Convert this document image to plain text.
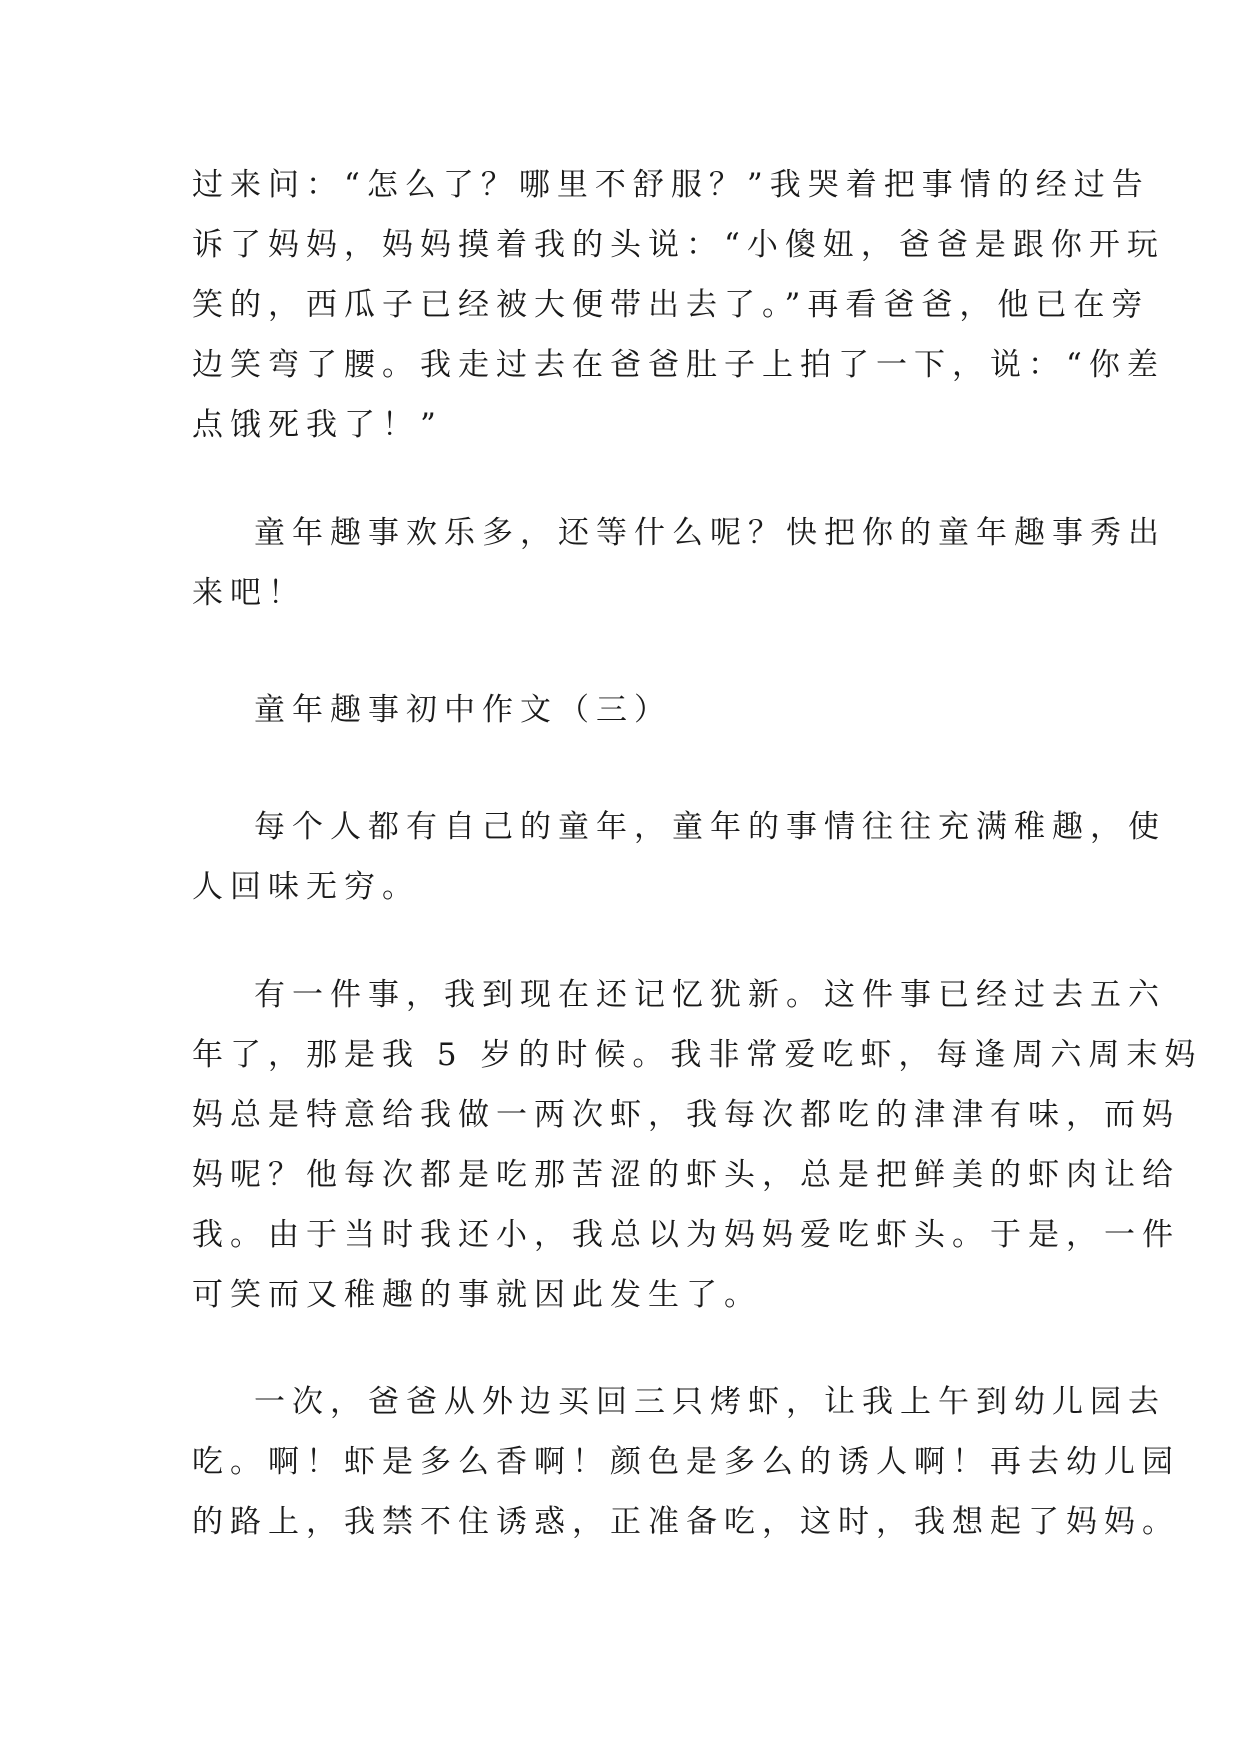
过来问：“怎么了？哪里不舒服？”我哭着把事情的经过告
诉了妈妈，妈妈摸着我的头说：“小傻妞，爸爸是跟你开玩
笑的，西瓜子已经被大便带出去了。”再看爸爸，他已在旁
边笑弯了腰。我走过去在爸爸肚子上拍了一下，说：“你差
点饿死我了！”
童年趣事欢乐多，还等什么呢？快把你的童年趣事秀出
来吧！
童年趣事初中作文（三）
每个人都有自己的童年，童年的事情往往充满稚趣，使
人回味无穷。
有一件事，我到现在还记忆犹新。这件事已经过去五六
年了，那是我 5 岁的时候。我非常爱吃虾，每逢周六周末妈
妈总是特意给我做一两次虾，我每次都吃的津津有味，而妈
妈呢？他每次都是吃那苦涩的虾头，总是把鲜美的虾肉让给
我。由于当时我还小，我总以为妈妈爱吃虾头。于是，一件
可笑而又稚趣的事就因此发生了。
一次，爸爸从外边买回三只烤虾，让我上午到幼儿园去
吃。啊！虾是多么香啊！颜色是多么的诱人啊！再去幼儿园
的路上，我禁不住诱惑，正准备吃，这时，我想起了妈妈。
